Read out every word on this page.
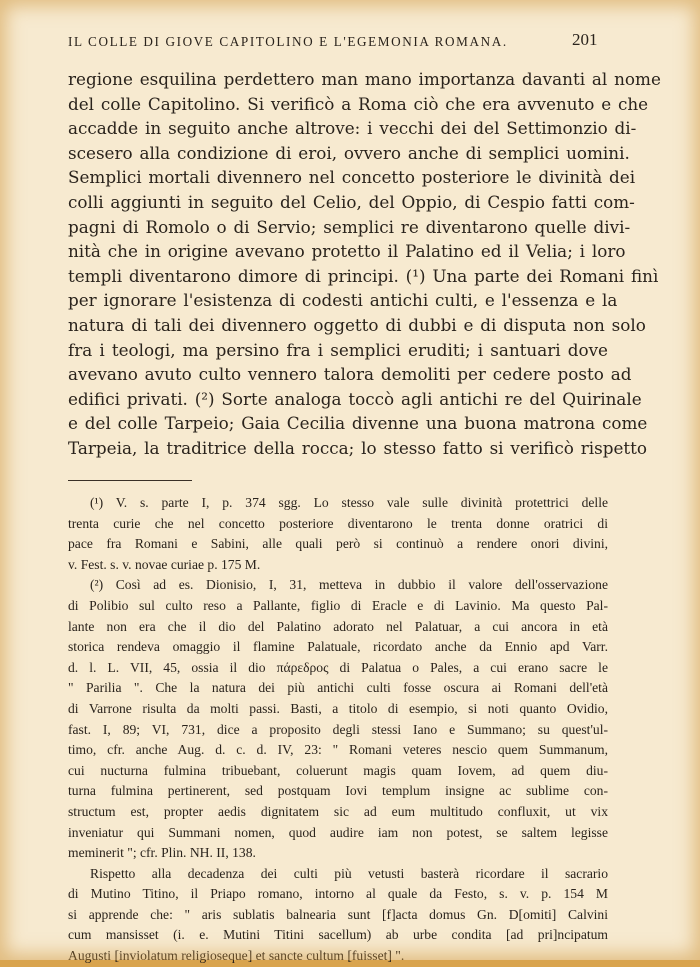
IL COLLE DI GIOVE CAPITOLINO E L'EGEMONIA ROMANA.	201
regione esquilina perdettero man mano importanza davanti al nome
del colle Capitolino. Si verificò a Roma ciò che era avvenuto e che
accadde in seguito anche altrove: i vecchi dei del Settimonzio di-
scesero alla condizione di eroi, ovvero anche di semplici uomini.
Semplici mortali divennero nel concetto posteriore le divinità dei
colli aggiunti in seguito del Celio, del Oppio, di Cespio fatti com-
pagni di Romolo o di Servio; semplici re diventarono quelle divi-
nità che in origine avevano protetto il Palatino ed il Velia; i loro
templi diventarono dimore di principi. (¹) Una parte dei Romani finì
per ignorare l'esistenza di codesti antichi culti, e l'essenza e la
natura di tali dei divennero oggetto di dubbi e di disputa non solo
fra i teologi, ma persino fra i semplici eruditi; i santuari dove
avevano avuto culto vennero talora demoliti per cedere posto ad
edifici privati. (²) Sorte analoga toccò agli antichi re del Quirinale
e del colle Tarpeio; Gaia Cecilia divenne una buona matrona come
Tarpeia, la traditrice della rocca; lo stesso fatto si verificò rispetto
(¹) V. s. parte I, p. 374 sgg. Lo stesso vale sulle divinità protettrici delle
trenta curie che nel concetto posteriore diventarono le trenta donne oratrici di
pace fra Romani e Sabini, alle quali però si continuò a rendere onori divini,
v. Fest. s. v. novae curiae p. 175 M.
(²) Così ad es. Dionisio, I, 31, metteva in dubbio il valore dell'osservazione
di Polibio sul culto reso a Pallante, figlio di Eracle e di Lavinio. Ma questo Pal-
lante non era che il dio del Palatino adorato nel Palatuar, a cui ancora in età
storica rendeva omaggio il flamine Palatuale, ricordato anche da Ennio apd Varr.
d. l. L. VII, 45, ossia il dio πάρεδρος di Palatua o Pales, a cui erano sacre le
" Parilia ". Che la natura dei più antichi culti fosse oscura ai Romani dell'età
di Varrone risulta da molti passi. Basti, a titolo di esempio, si noti quanto Ovidio,
fast. I, 89; VI, 731, dice a proposito degli stessi Iano e Summano; su quest'ul-
timo, cfr. anche Aug. d. c. d. IV, 23: " Romani veteres nescio quem Summanum,
cui nucturna fulmina tribuebant, coluerunt magis quam Iovem, ad quem diu-
turna fulmina pertinerent, sed postquam Iovi templum insigne ac sublime con-
structum est, propter aedis dignitatem sic ad eum multitudo confluxit, ut vix
inveniatur qui Summani nomen, quod audire iam non potest, se saltem legisse
meminerit "; cfr. Plin. NH. II, 138.
Rispetto alla decadenza dei culti più vetusti basterà ricordare il sacrario
di Mutino Titino, il Priapo romano, intorno al quale da Festo, s. v. p. 154 M
si apprende che: " aris sublatis balnearia sunt [f]acta domus Gn. D[omiti] Calvini
cum mansisset (i. e. Mutini Titini sacellum) ab urbe condita [ad pri]ncipatum
Augusti [inviolatum religioseque] et sancte cultum [fuisset] ".
